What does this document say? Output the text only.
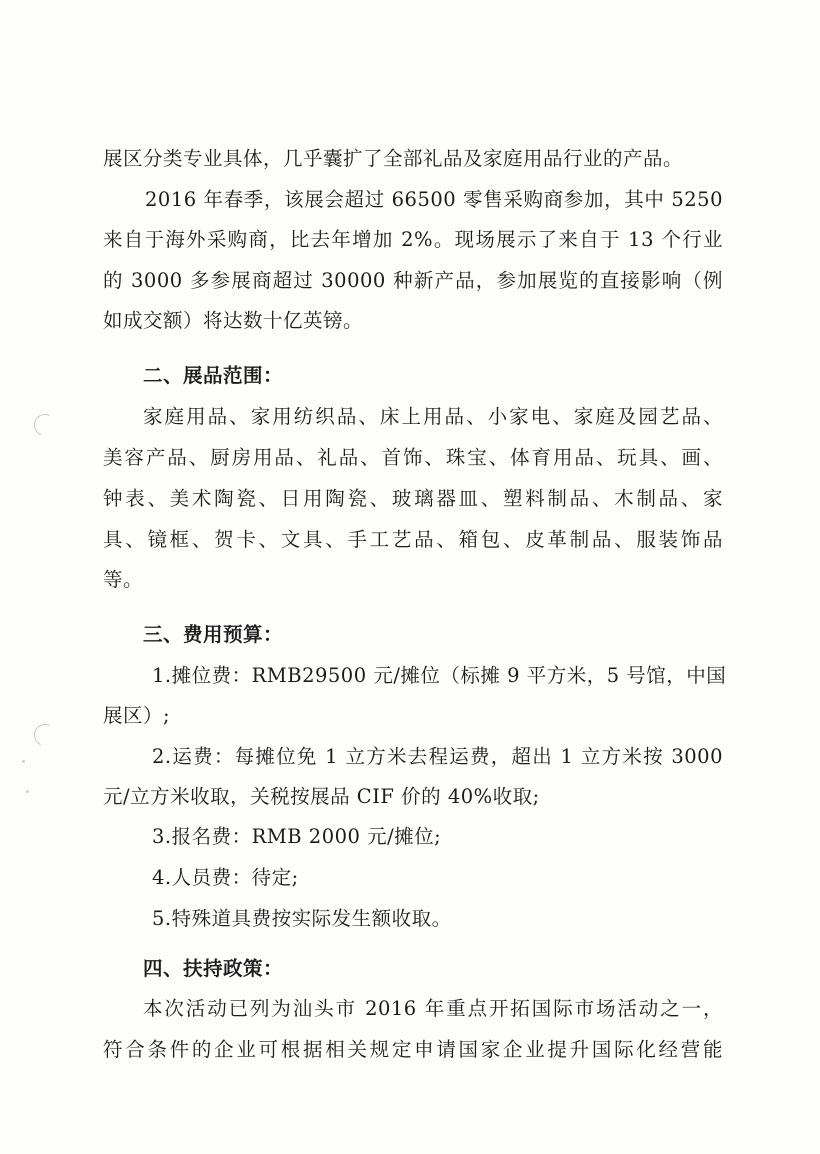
展区分类专业具体，几乎囊扩了全部礼品及家庭用品行业的产品。
2016 年春季，该展会超过 66500 零售采购商参加，其中 5250
来自于海外采购商，比去年增加 2%。现场展示了来自于 13 个行业
的 3000 多参展商超过 30000 种新产品，参加展览的直接影响（例
如成交额）将达数十亿英镑。
二、展品范围：
家庭用品、家用纺织品、床上用品、小家电、家庭及园艺品、
美容产品、厨房用品、礼品、首饰、珠宝、体育用品、玩具、画、
钟表、美术陶瓷、日用陶瓷、玻璃器皿、塑料制品、木制品、家
具、镜框、贺卡、文具、手工艺品、箱包、皮革制品、服装饰品
等。
三、费用预算：
1.摊位费：RMB29500 元/摊位（标摊 9 平方米，5 号馆，中国
展区）;
2.运费：每摊位免 1 立方米去程运费，超出 1 立方米按 3000
元/立方米收取，关税按展品 CIF 价的 40%收取;
3.报名费：RMB 2000 元/摊位;
4.人员费：待定;
5.特殊道具费按实际发生额收取。
四、扶持政策：
本次活动已列为汕头市 2016 年重点开拓国际市场活动之一，
符合条件的企业可根据相关规定申请国家企业提升国际化经营能
